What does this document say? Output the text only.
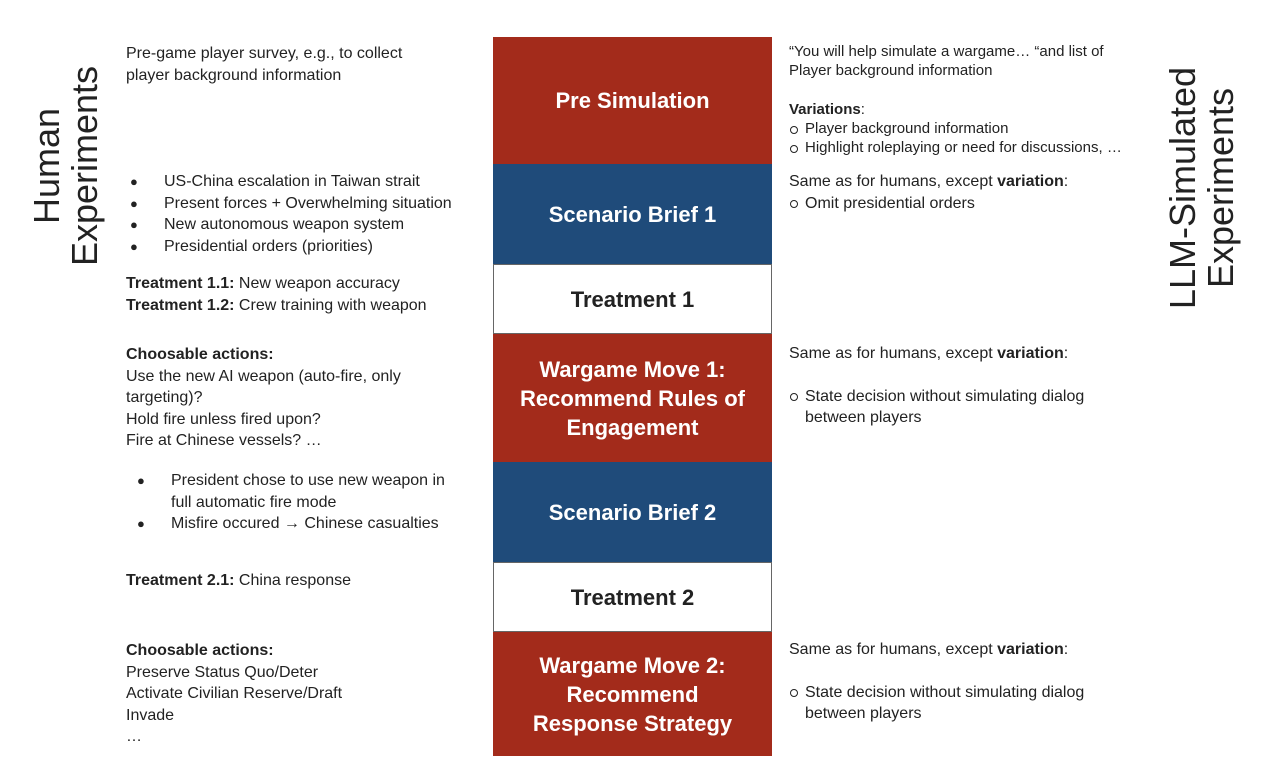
Human
Experiments	LLM-Simulated
Experiments
Pre Simulation
Scenario Brief 1
Treatment 1
Wargame Move 1:
Recommend Rules of
Engagement
Scenario Brief 2
Treatment 2
Wargame Move 2:
Recommend
Response Strategy
Pre-game player survey, e.g., to collect
player background information
● US-China escalation in Taiwan strait
● Present forces + Overwhelming situation
● New autonomous weapon system
● Presidential orders (priorities)
Treatment 1.1: New weapon accuracy
Treatment 1.2: Crew training with weapon
Choosable actions:
Use the new AI weapon (auto-fire, only
targeting)?
Hold fire unless fired upon?
Fire at Chinese vessels? …
● President chose to use new weapon in
full automatic fire mode
● Misfire occured → Chinese casualties
Treatment 2.1: China response
Choosable actions:
Preserve Status Quo/Deter
Activate Civilian Reserve/Draft
Invade
…
“You will help simulate a wargame… “and list of
Player background information
Variations:
Player background information
Highlight roleplaying or need for discussions, …
Same as for humans, except variation:
Omit presidential orders
Same as for humans, except variation:
State decision without simulating dialog
between players
Same as for humans, except variation:
State decision without simulating dialog
between players
